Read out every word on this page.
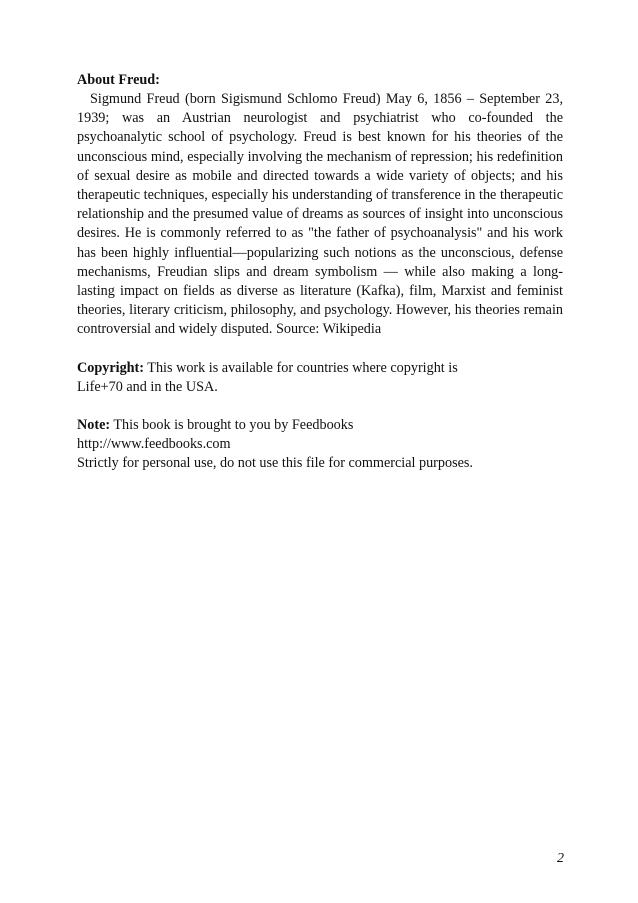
About Freud:

Sigmund Freud (born Sigismund Schlomo Freud) May 6, 1856 – September 23, 1939; was an Austrian neurologist and psychiatrist who co-founded the psychoanalytic school of psychology. Freud is best known for his theories of the unconscious mind, especially involving the mechanism of repression; his redefinition of sexual desire as mobile and directed towards a wide variety of objects; and his therapeutic techniques, especially his understanding of transference in the therapeutic relationship and the presumed value of dreams as sources of insight into unconscious desires. He is commonly referred to as "the father of psychoanalysis" and his work has been highly influential—popularizing such notions as the unconscious, defense mechanisms, Freudian slips and dream symbolism — while also making a long-lasting impact on fields as diverse as literature (Kafka), film, Marxist and feminist theories, literary criticism, philosophy, and psychology. However, his theories remain controversial and widely disputed. Source: Wikipedia

Copyright: This work is available for countries where copyright is
Life+70 and in the USA.

Note: This book is brought to you by Feedbooks
http://www.feedbooks.com
Strictly for personal use, do not use this file for commercial purposes.

2
